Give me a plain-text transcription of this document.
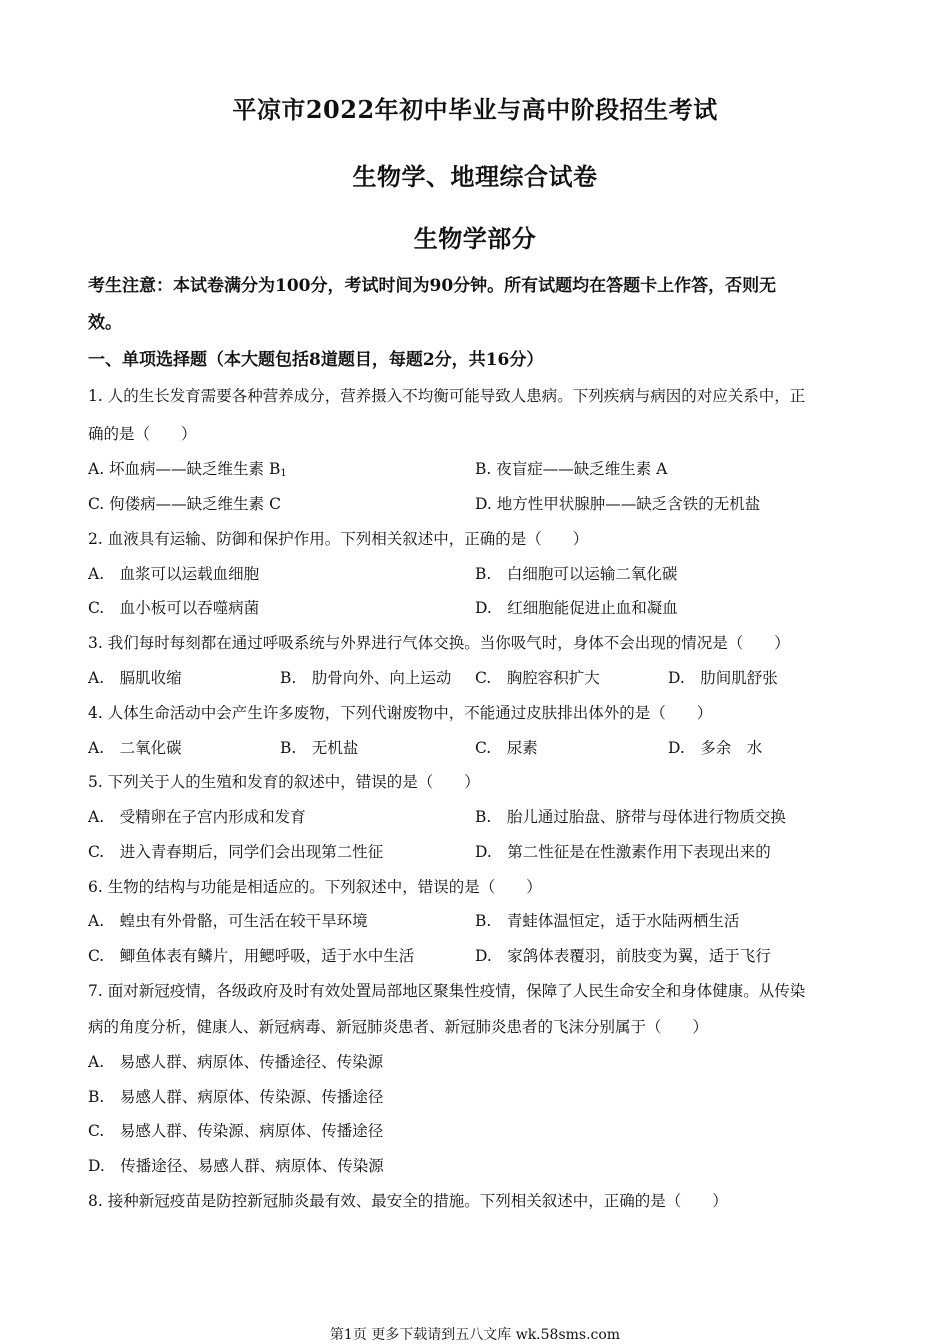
平凉市2022年初中毕业与高中阶段招生考试
生物学、地理综合试卷
生物学部分
考生注意：本试卷满分为100分，考试时间为90分钟。所有试题均在答题卡上作答，否则无
效。
一、单项选择题（本大题包括8道题目，每题2分，共16分）
1. 人的生长发育需要各种营养成分，营养摄入不均衡可能导致人患病。下列疾病与病因的对应关系中，正
确的是（　　）
A. 坏血病——缺乏维生素 $B_1$	B. 夜盲症——缺乏维生素 A
C. 佝偻病——缺乏维生素 C	D. 地方性甲状腺肿——缺乏含铁的无机盐
2. 血液具有运输、防御和保护作用。下列相关叙述中，正确的是（　　）
A.　血浆可以运载血细胞	B.　白细胞可以运输二氧化碳
C.　血小板可以吞噬病菌	D.　红细胞能促进止血和凝血
3. 我们每时每刻都在通过呼吸系统与外界进行气体交换。当你吸气时，身体不会出现的情况是（　　）
A.　膈肌收缩	B.　肋骨向外、向上运动 C.　胸腔容积扩大	D.　肋间肌舒张
4. 人体生命活动中会产生许多废物，下列代谢废物中，不能通过皮肤排出体外的是（　　）
A.　二氧化碳	B.　无机盐	C.　尿素	D.　多余　水
5. 下列关于人的生殖和发育的叙述中，错误的是（　　）
A.　受精卵在子宫内形成和发育	B.　胎儿通过胎盘、脐带与母体进行物质交换
C.　进入青春期后，同学们会出现第二性征	D.　第二性征是在性激素作用下表现出来的
6. 生物的结构与功能是相适应的。下列叙述中，错误的是（　　）
A.　蝗虫有外骨骼，可生活在较干旱环境	B.　青蛙体温恒定，适于水陆两栖生活
C.　鲫鱼体表有鳞片，用鳃呼吸，适于水中生活	D.　家鸽体表覆羽，前肢变为翼，适于飞行
7. 面对新冠疫情，各级政府及时有效处置局部地区聚集性疫情，保障了人民生命安全和身体健康。从传染
病的角度分析，健康人、新冠病毒、新冠肺炎患者、新冠肺炎患者的飞沫分别属于（　　）
A.　易感人群、病原体、传播途径、传染源
B.　易感人群、病原体、传染源、传播途径
C.　易感人群、传染源、病原体、传播途径
D.　传播途径、易感人群、病原体、传染源
8. 接种新冠疫苗是防控新冠肺炎最有效、最安全的措施。下列相关叙述中，正确的是（　　）
第1页 更多下载请到五八文库 wk.58sms.com
